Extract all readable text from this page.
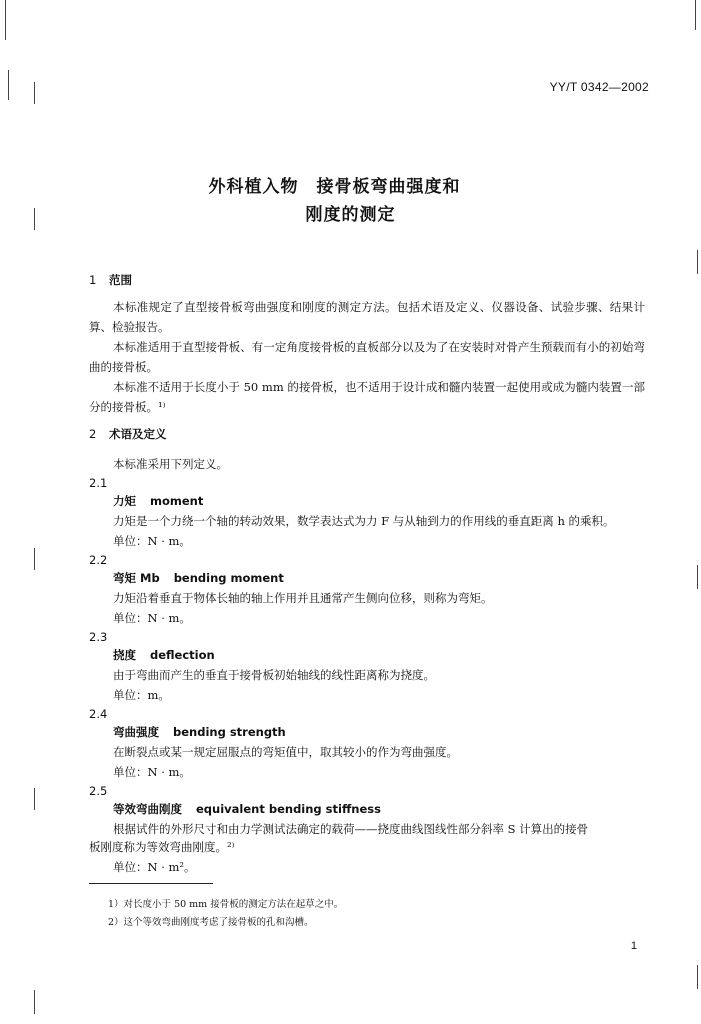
YY/T 0342—2002
外科植入物　接骨板弯曲强度和
刚度的测定
1 范围
本标准规定了直型接骨板弯曲强度和刚度的测定方法。包括术语及定义、仪器设备、试验步骤、结果计算、检验报告。
本标准适用于直型接骨板、有一定角度接骨板的直板部分以及为了在安装时对骨产生预载而有小的初始弯曲的接骨板。
本标准不适用于长度小于 50 mm 的接骨板，也不适用于设计成和髓内装置一起使用或成为髓内装置一部分的接骨板。¹⁾
2 术语及定义
本标准采用下列定义。
2.1
力矩 moment
力矩是一个力绕一个轴的转动效果，数学表达式为力 F 与从轴到力的作用线的垂直距离 h 的乘积。
单位：N · m。
2.2
弯矩 Mb bending moment
力矩沿着垂直于物体长轴的轴上作用并且通常产生侧向位移，则称为弯矩。
单位：N · m。
2.3
挠度 deflection
由于弯曲而产生的垂直于接骨板初始轴线的线性距离称为挠度。
单位：m。
2.4
弯曲强度 bending strength
在断裂点或某一规定屈服点的弯矩值中，取其较小的作为弯曲强度。
单位：N · m。
2.5
等效弯曲刚度 equivalent bending stiffness
根据试件的外形尺寸和由力学测试法确定的载荷——挠度曲线图线性部分斜率 S 计算出的接骨
板刚度称为等效弯曲刚度。²⁾
单位：N · m²。
1）对长度小于 50 mm 接骨板的测定方法在起草之中。
2）这个等效弯曲刚度考虑了接骨板的孔和沟槽。
1
